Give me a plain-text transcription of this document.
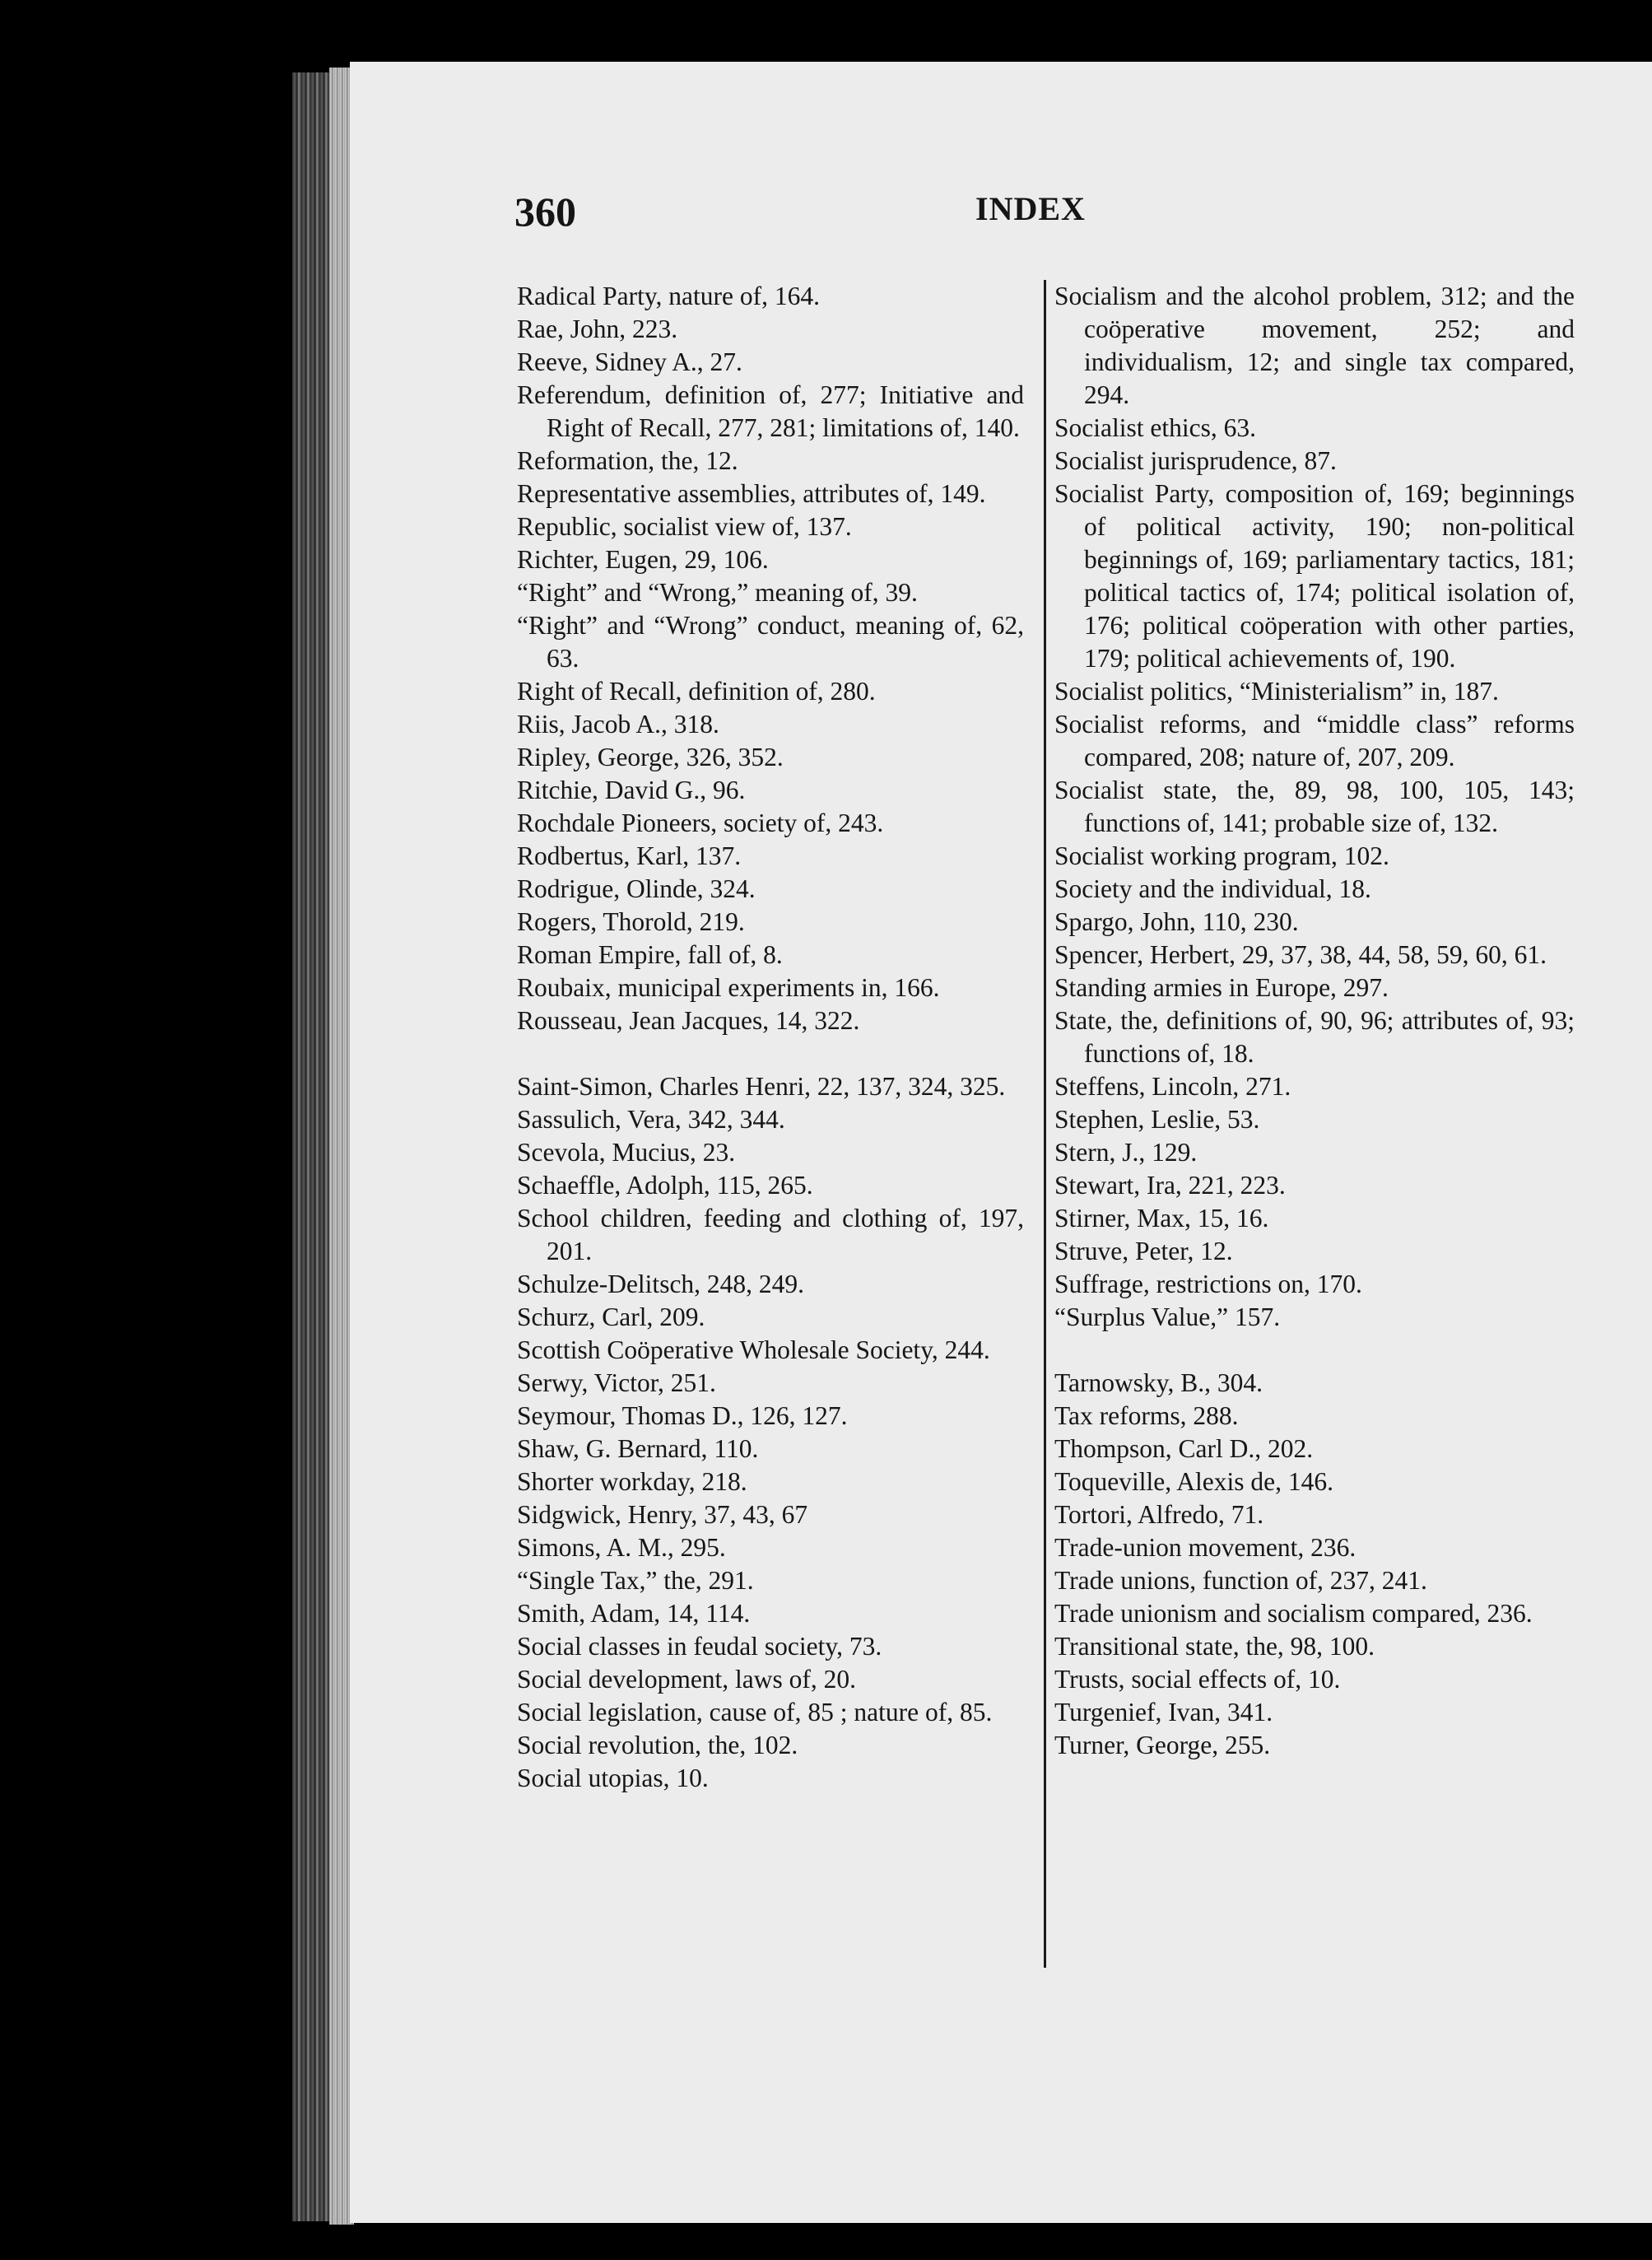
360	INDEX
Radical Party, nature of, 164.
Rae, John, 223.
Reeve, Sidney A., 27.
Referendum, definition of, 277; Initiative and Right of Recall, 277, 281; limitations of, 140.
Reformation, the, 12.
Representative assemblies, attributes of, 149.
Republic, socialist view of, 137.
Richter, Eugen, 29, 106.
“Right” and “Wrong,” meaning of, 39.
“Right” and “Wrong” conduct, meaning of, 62, 63.
Right of Recall, definition of, 280.
Riis, Jacob A., 318.
Ripley, George, 326, 352.
Ritchie, David G., 96.
Rochdale Pioneers, society of, 243.
Rodbertus, Karl, 137.
Rodrigue, Olinde, 324.
Rogers, Thorold, 219.
Roman Empire, fall of, 8.
Roubaix, municipal experiments in, 166.
Rousseau, Jean Jacques, 14, 322.
Saint-Simon, Charles Henri, 22, 137, 324, 325.
Sassulich, Vera, 342, 344.
Scevola, Mucius, 23.
Schaeffle, Adolph, 115, 265.
School children, feeding and clothing of, 197, 201.
Schulze-Delitsch, 248, 249.
Schurz, Carl, 209.
Scottish Coöperative Wholesale Society, 244.
Serwy, Victor, 251.
Seymour, Thomas D., 126, 127.
Shaw, G. Bernard, 110.
Shorter workday, 218.
Sidgwick, Henry, 37, 43, 67
Simons, A. M., 295.
“Single Tax,” the, 291.
Smith, Adam, 14, 114.
Social classes in feudal society, 73.
Social development, laws of, 20.
Social legislation, cause of, 85 ; nature of, 85.
Social revolution, the, 102.
Social utopias, 10.
Socialism and the alcohol problem, 312; and the coöperative movement, 252; and individualism, 12; and single tax compared, 294.
Socialist ethics, 63.
Socialist jurisprudence, 87.
Socialist Party, composition of, 169; beginnings of political activity, 190; non-political beginnings of, 169; parliamentary tactics, 181; political tactics of, 174; political isolation of, 176; political coöperation with other parties, 179; political achievements of, 190.
Socialist politics, “Ministerialism” in, 187.
Socialist reforms, and “middle class” reforms compared, 208; nature of, 207, 209.
Socialist state, the, 89, 98, 100, 105, 143; functions of, 141; probable size of, 132.
Socialist working program, 102.
Society and the individual, 18.
Spargo, John, 110, 230.
Spencer, Herbert, 29, 37, 38, 44, 58, 59, 60, 61.
Standing armies in Europe, 297.
State, the, definitions of, 90, 96; attributes of, 93; functions of, 18.
Steffens, Lincoln, 271.
Stephen, Leslie, 53.
Stern, J., 129.
Stewart, Ira, 221, 223.
Stirner, Max, 15, 16.
Struve, Peter, 12.
Suffrage, restrictions on, 170.
“Surplus Value,” 157.
Tarnowsky, B., 304.
Tax reforms, 288.
Thompson, Carl D., 202.
Toqueville, Alexis de, 146.
Tortori, Alfredo, 71.
Trade-union movement, 236.
Trade unions, function of, 237, 241.
Trade unionism and socialism compared, 236.
Transitional state, the, 98, 100.
Trusts, social effects of, 10.
Turgenief, Ivan, 341.
Turner, George, 255.
